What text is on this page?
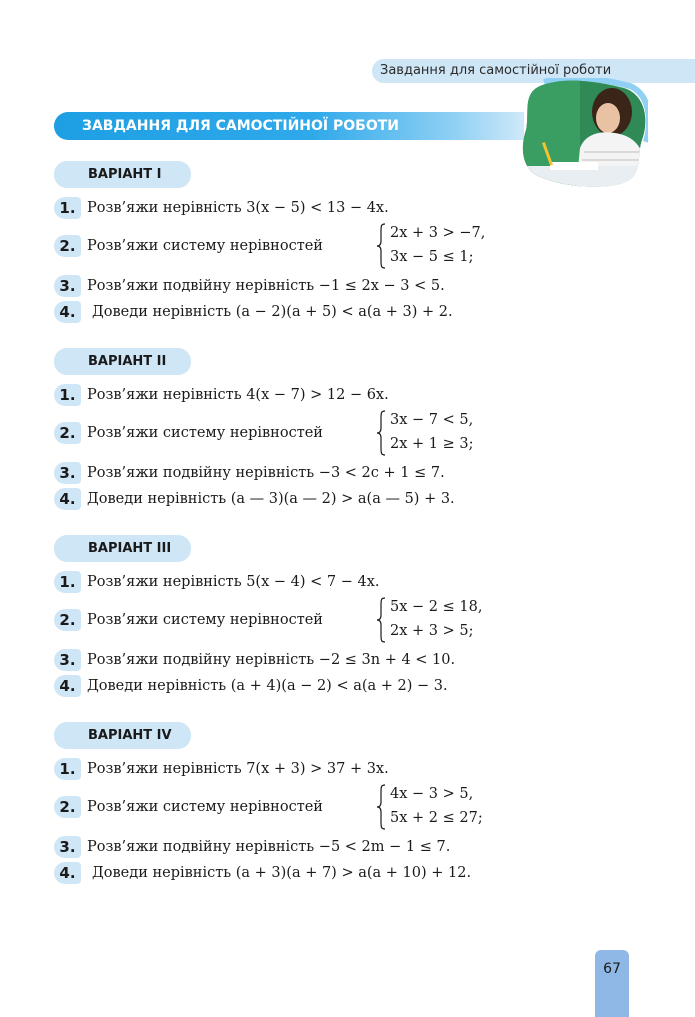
Завдання для самостійної роботи
ЗАВДАННЯ ДЛЯ САМОСТІЙНОЇ РОБОТИ
ВАРІАНТ І
1. Розв’яжи нерівність 3(x − 5) < 13 − 4x.
2. Розв’яжи систему нерівностей
2x + 3 > −7,
3x − 5 ≤ 1;
3. Розв’яжи подвійну нерівність −1 ≤ 2x − 3 < 5.
4.	Доведи нерівність (a − 2)(a + 5) < a(a + 3) + 2.
ВАРІАНТ ІІ
1. Розв’яжи нерівність 4(x − 7) > 12 − 6x.
2. Розв’яжи систему нерівностей
3x − 7 < 5,
2x + 1 ≥ 3;
3. Розв’яжи подвійну нерівність −3 < 2c + 1 ≤ 7.
4. Доведи нерівність (a — 3)(a — 2) > a(a — 5) + 3.
ВАРІАНТ ІІІ
1. Розв’яжи нерівність 5(x − 4) < 7 − 4x.
2. Розв’яжи систему нерівностей
5x − 2 ≤ 18,
2x + 3 > 5;
3. Розв’яжи подвійну нерівність −2 ≤ 3n + 4 < 10.
4. Доведи нерівність (a + 4)(a − 2) < a(a + 2) − 3.
ВАРІАНТ IV
1. Розв’яжи нерівність 7(x + 3) > 37 + 3x.
2. Розв’яжи систему нерівностей
4x − 3 > 5,
5x + 2 ≤ 27;
3. Розв’яжи подвійну нерівність −5 < 2m − 1 ≤ 7.
4.	Доведи нерівність (a + 3)(a + 7) > a(a + 10) + 12.
67
